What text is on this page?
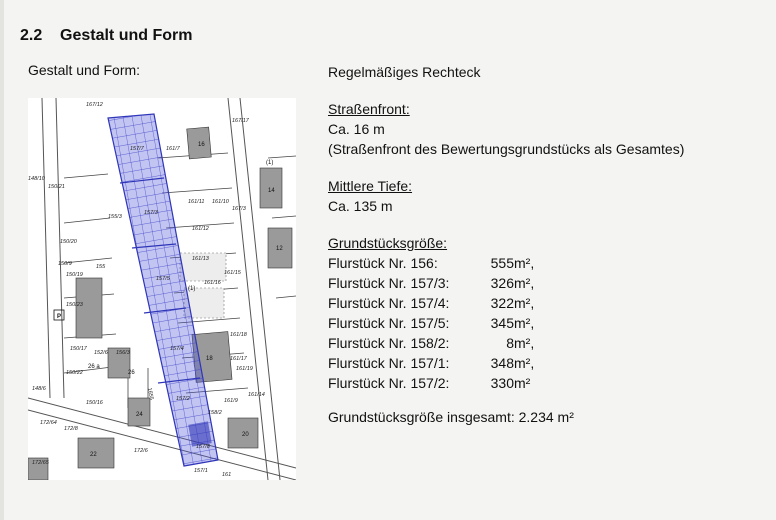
2.2 Gestalt und Form
Gestalt und Form:
167/12
167/17
157/7	161/7
161/11 161/10
167/3
148/10
150/21
155/3
157/3
161/12
150/20
150/9
150/19
155
157/5
161/13
161/15
161/16
150/23
161/18
150/17
152/6 156/3
157/4
161/17
161/19
150/22
148/6
161/14
150/16
157/2	161/9
158/2
172/64
172/8
172/6
157/8
172/65
157/1
161
16
14
12
26 a
26
24
22
20
18
(1)
(1)
P
1655
Regelmäßiges Rechteck
Straßenfront:
Ca. 16 m
(Straßenfront des Bewertungsgrundstücks als Gesamtes)
Mittlere Tiefe:
Ca. 135 m
Grundstücksgröße:
Flurstück Nr. 156:	555 m²,
Flurstück Nr. 157/3:	326 m²,
Flurstück Nr. 157/4:	322 m²,
Flurstück Nr. 157/5:	345 m²,
Flurstück Nr. 158/2:	8 m²,
Flurstück Nr. 157/1:	348 m²,
Flurstück Nr. 157/2:	330 m²
Grundstücksgröße insgesamt: 2.234 m²
